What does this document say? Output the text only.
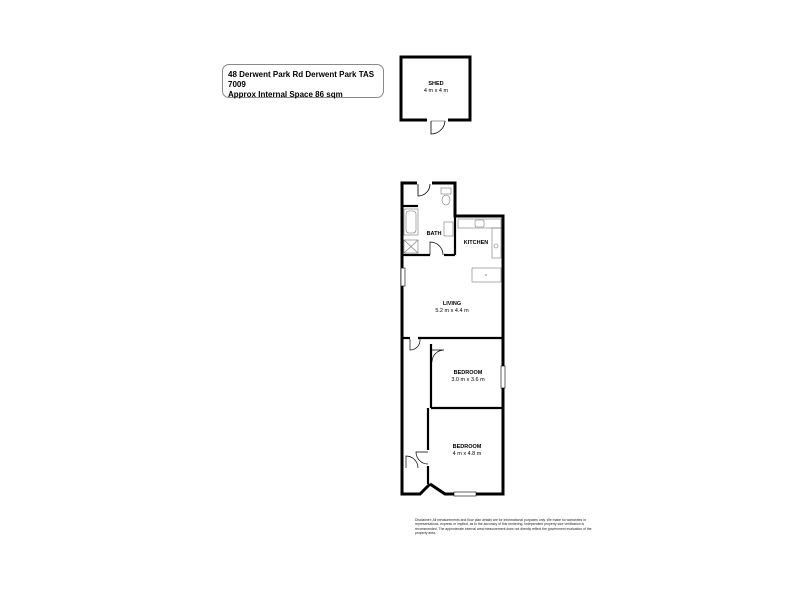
48 Derwent Park Rd Derwent Park TAS 7009
Approx Internal Space 86 sqm
SHED
4 m x 4 m
BATH
KITCHEN
LIVING
5.2 m x 4.4 m
BEDROOM
3.0 m x 3.6 m
BEDROOM
4 m x 4.8 m
Disclaimer: All measurements and floor plan details are for informational purposes only. We make no warranties or representations, express or implied, as to the accuracy of this rendering. Independent property size verification is recommended. The approximate internal area measurement does not directly reflect the government evaluation of the property area.
